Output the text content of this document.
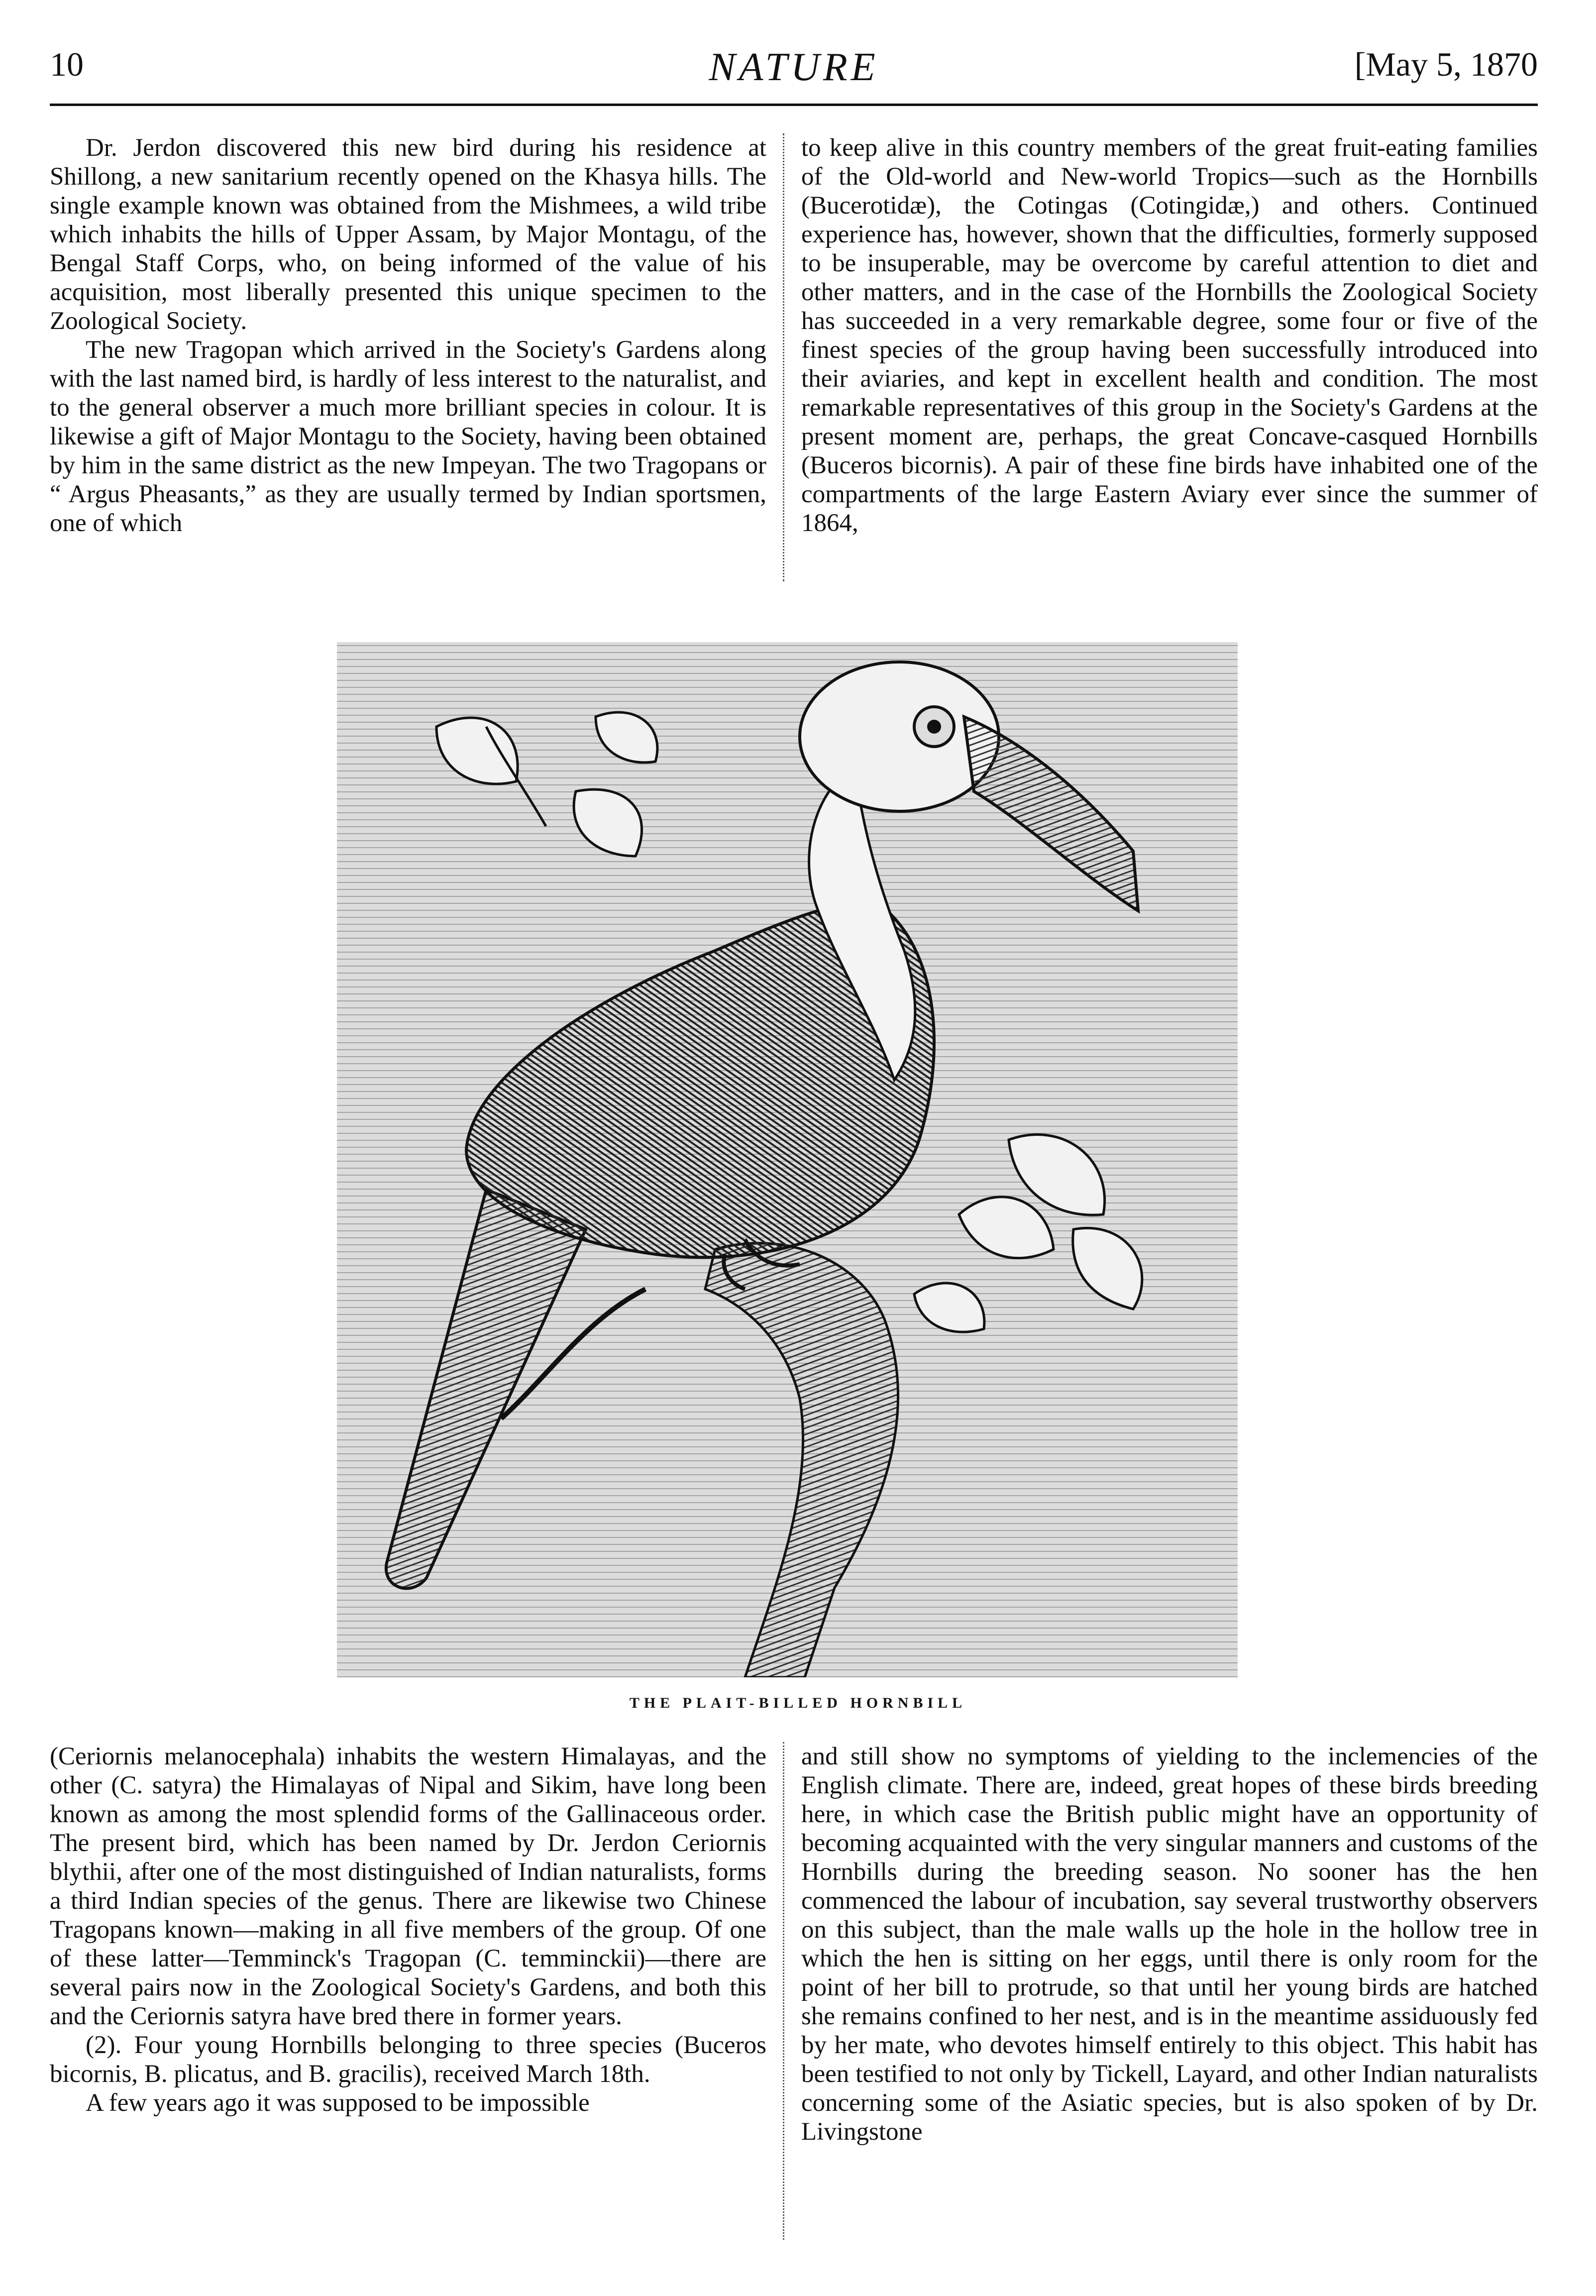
10	NATURE	[May 5, 1870

Dr. Jerdon discovered this new bird during his residence at Shillong, a new sanitarium recently opened on the Khasya hills. The single example known was obtained from the Mishmees, a wild tribe which inhabits the hills of Upper Assam, by Major Montagu, of the Bengal Staff Corps, who, on being informed of the value of his acquisition, most liberally presented this unique specimen to the Zoological Society.

The new Tragopan which arrived in the Society's Gardens along with the last named bird, is hardly of less interest to the naturalist, and to the general observer a much more brilliant species in colour. It is likewise a gift of Major Montagu to the Society, having been obtained by him in the same district as the new Impeyan. The two Tragopans or “ Argus Pheasants,” as they are usually termed by Indian sportsmen, one of which

to keep alive in this country members of the great fruit-eating families of the Old-world and New-world Tropics—such as the Hornbills (Bucerotidæ), the Cotingas (Cotingidæ,) and others. Continued experience has, however, shown that the difficulties, formerly supposed to be insuperable, may be overcome by careful attention to diet and other matters, and in the case of the Hornbills the Zoological Society has succeeded in a very remarkable degree, some four or five of the finest species of the group having been successfully introduced into their aviaries, and kept in excellent health and condition. The most remarkable representatives of this group in the Society's Gardens at the present moment are, perhaps, the great Concave-casqued Hornbills (Buceros bicornis). A pair of these fine birds have inhabited one of the compartments of the large Eastern Aviary ever since the summer of 1864,

THE PLAIT-BILLED HORNBILL

(Ceriornis melanocephala) inhabits the western Himalayas, and the other (C. satyra) the Himalayas of Nipal and Sikim, have long been known as among the most splendid forms of the Gallinaceous order. The present bird, which has been named by Dr. Jerdon Ceriornis blythii, after one of the most distinguished of Indian naturalists, forms a third Indian species of the genus. There are likewise two Chinese Tragopans known—making in all five members of the group. Of one of these latter—Temminck's Tragopan (C. temminckii)—there are several pairs now in the Zoological Society's Gardens, and both this and the Ceriornis satyra have bred there in former years.

(2). Four young Hornbills belonging to three species (Buceros bicornis, B. plicatus, and B. gracilis), received March 18th.

A few years ago it was supposed to be impossible

and still show no symptoms of yielding to the inclemencies of the English climate. There are, indeed, great hopes of these birds breeding here, in which case the British public might have an opportunity of becoming acquainted with the very singular manners and customs of the Hornbills during the breeding season. No sooner has the hen commenced the labour of incubation, say several trustworthy observers on this subject, than the male walls up the hole in the hollow tree in which the hen is sitting on her eggs, until there is only room for the point of her bill to protrude, so that until her young birds are hatched she remains confined to her nest, and is in the meantime assiduously fed by her mate, who devotes himself entirely to this object. This habit has been testified to not only by Tickell, Layard, and other Indian naturalists concerning some of the Asiatic species, but is also spoken of by Dr. Livingstone
